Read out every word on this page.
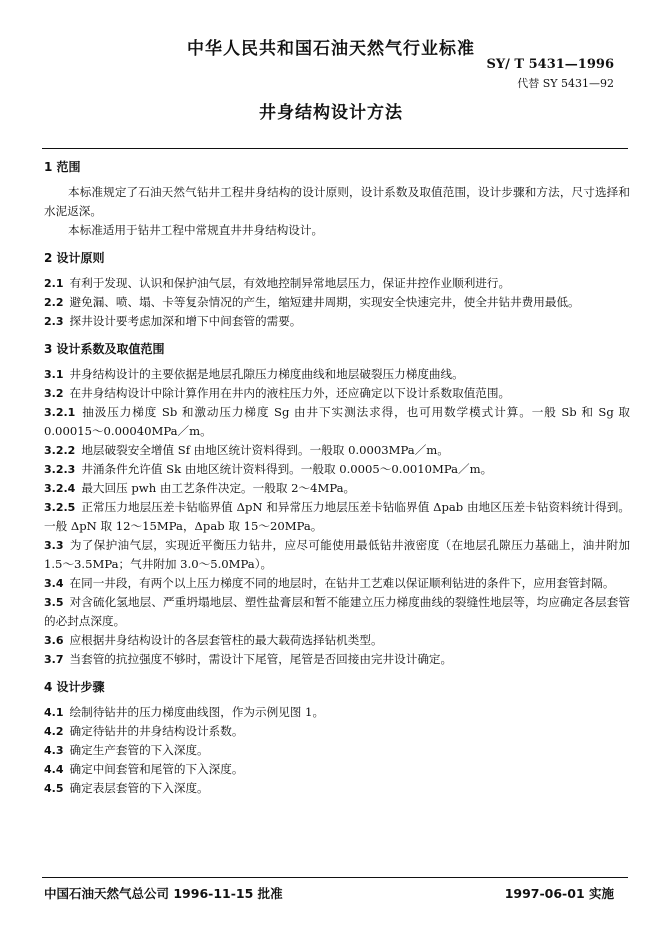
中华人民共和国石油天然气行业标准
SY/ T 5431—1996
代替 SY 5431—92
井身结构设计方法
1 范围

本标准规定了石油天然气钻井工程井身结构的设计原则，设计系数及取值范围，设计步骤和方法，尺寸选择和水泥返深。

本标准适用于钻井工程中常规直井井身结构设计。

2 设计原则

2.1 有利于发现、认识和保护油气层，有效地控制异常地层压力，保证井控作业顺利进行。

2.2 避免漏、喷、塌、卡等复杂情况的产生，缩短建井周期，实现安全快速完井，使全井钻井费用最低。

2.3 探井设计要考虑加深和增下中间套管的需要。

3 设计系数及取值范围

3.1 井身结构设计的主要依据是地层孔隙压力梯度曲线和地层破裂压力梯度曲线。

3.2 在井身结构设计中除计算作用在井内的液柱压力外，还应确定以下设计系数取值范围。

3.2.1 抽汲压力梯度 Sb 和激动压力梯度 Sg 由井下实测法求得，也可用数学模式计算。一般 Sb 和 Sg 取 0.00015～0.00040MPa／m。

3.2.2 地层破裂安全增值 Sf 由地区统计资料得到。一般取 0.0003MPa／m。

3.2.3 井涌条件允许值 Sk 由地区统计资料得到。一般取 0.0005～0.0010MPa／m。

3.2.4 最大回压 pwh 由工艺条件决定。一般取 2～4MPa。

3.2.5 正常压力地层压差卡钻临界值 ΔpN 和异常压力地层压差卡钻临界值 Δpab 由地区压差卡钻资料统计得到。一般 ΔpN 取 12～15MPa，Δpab 取 15～20MPa。

3.3 为了保护油气层，实现近平衡压力钻井，应尽可能使用最低钻井液密度（在地层孔隙压力基础上，油井附加 1.5～3.5MPa；气井附加 3.0～5.0MPa）。

3.4 在同一井段，有两个以上压力梯度不同的地层时，在钻井工艺难以保证顺利钻进的条件下，应用套管封隔。

3.5 对含硫化氢地层、严重坍塌地层、塑性盐膏层和暂不能建立压力梯度曲线的裂缝性地层等，均应确定各层套管的必封点深度。

3.6 应根据井身结构设计的各层套管柱的最大载荷选择钻机类型。

3.7 当套管的抗拉强度不够时，需设计下尾管，尾管是否回接由完井设计确定。

4 设计步骤

4.1 绘制待钻井的压力梯度曲线图，作为示例见图 1。

4.2 确定待钻井的井身结构设计系数。

4.3 确定生产套管的下入深度。

4.4 确定中间套管和尾管的下入深度。

4.5 确定表层套管的下入深度。

中国石油天然气总公司 1996-11-15 批准	1997-06-01 实施
